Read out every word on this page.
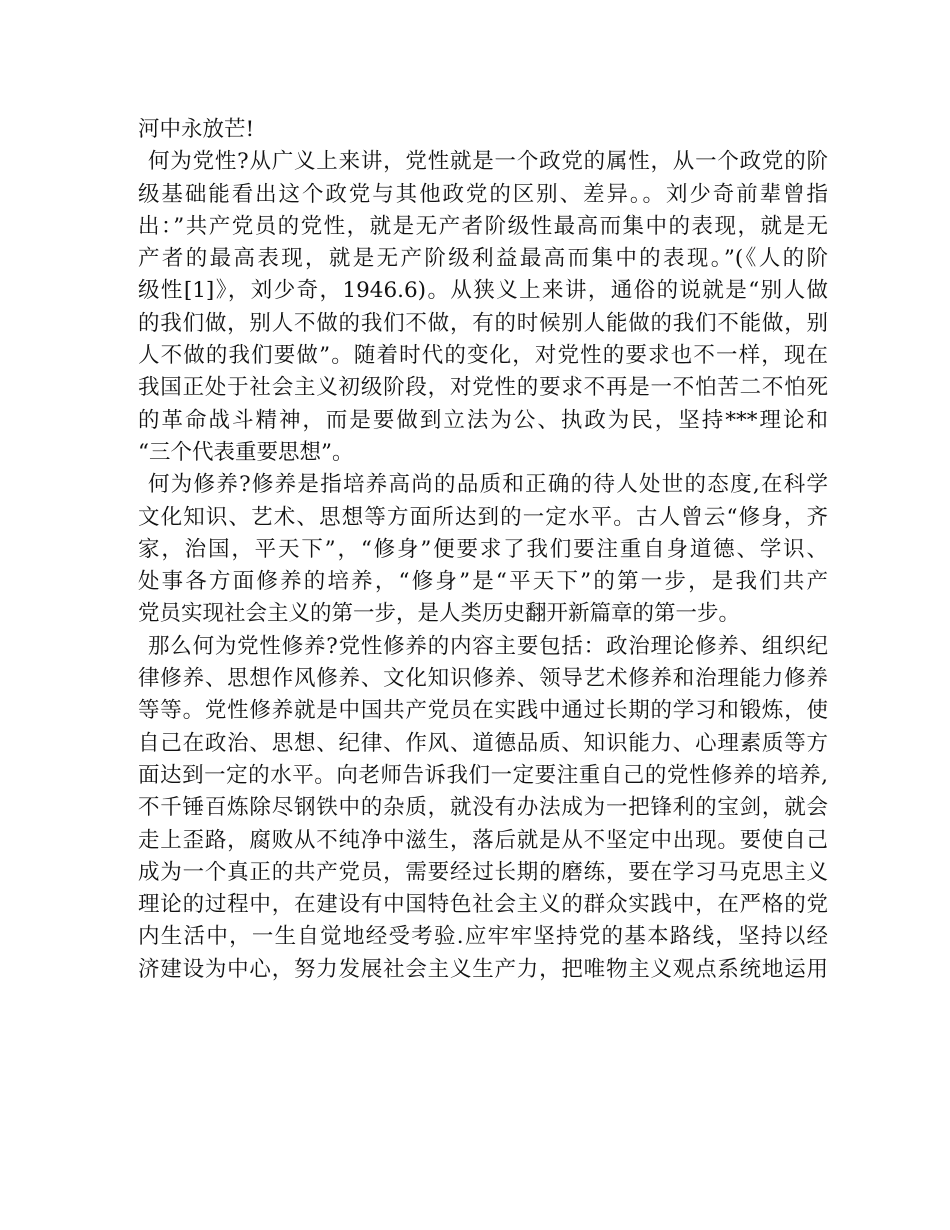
河中永放芒!
何为党性?从广义上来讲，党性就是一个政党的属性，从一个政党的阶
级基础能看出这个政党与其他政党的区别、差异。。刘少奇前辈曾指
出：”共产党员的党性，就是无产者阶级性最高而集中的表现，就是无
产者的最高表现，就是无产阶级利益最高而集中的表现。”(《人的阶
级性[1]》，刘少奇，1946.6)。从狭义上来讲，通俗的说就是“别人做
的我们做，别人不做的我们不做，有的时候别人能做的我们不能做，别
人不做的我们要做”。随着时代的变化，对党性的要求也不一样，现在
我国正处于社会主义初级阶段，对党性的要求不再是一不怕苦二不怕死
的革命战斗精神，而是要做到立法为公、执政为民，坚持***理论和
“三个代表重要思想”。
何为修养?修养是指培养高尚的品质和正确的待人处世的态度,在科学
文化知识、艺术、思想等方面所达到的一定水平。古人曾云“修身，齐
家，治国，平天下”，“修身”便要求了我们要注重自身道德、学识、
处事各方面修养的培养，“修身”是“平天下”的第一步，是我们共产
党员实现社会主义的第一步，是人类历史翻开新篇章的第一步。
那么何为党性修养?党性修养的内容主要包括：政治理论修养、组织纪
律修养、思想作风修养、文化知识修养、领导艺术修养和治理能力修养
等等。党性修养就是中国共产党员在实践中通过长期的学习和锻炼，使
自己在政治、思想、纪律、作风、道德品质、知识能力、心理素质等方
面达到一定的水平。向老师告诉我们一定要注重自己的党性修养的培养,
不千锤百炼除尽钢铁中的杂质，就没有办法成为一把锋利的宝剑，就会
走上歪路，腐败从不纯净中滋生，落后就是从不坚定中出现。要使自己
成为一个真正的共产党员，需要经过长期的磨练，要在学习马克思主义
理论的过程中，在建设有中国特色社会主义的群众实践中，在严格的党
内生活中，一生自觉地经受考验.应牢牢坚持党的基本路线，坚持以经
济建设为中心，努力发展社会主义生产力，把唯物主义观点系统地运用
